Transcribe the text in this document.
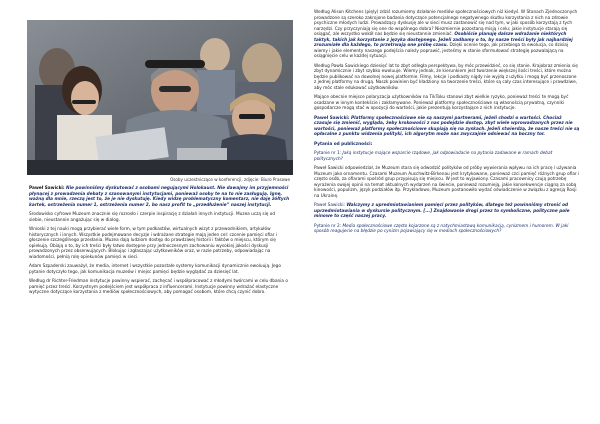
Osoby uczestniczące w konferencji, zdjęcie: Biuro Prasowe

Paweł Sawicki: Nie powinniśmy dyskutować z osobami negującymi Holokaust. Nie dawajmy im przyjemności płynącej z prowadzenia debaty z szanowanymi instytucjami, ponieważ osoby te na to nie zasługują. Ignę, ważną dla mnie, rzeczą jest to, że je nie dyskutuję. Kiedy widzę problematyczny komentarz, nie daję żółtych kartek, ostrzeżenia numer 1, ostrzeżenia numer 2, bo nasz profit to „przedłużenie” naszej instytucji.

Środowisko cyfrowe Muzeum znacznie się rozrosło i czerpie inspirację z działań innych instytucji. Muzea uczą się od siebie, nieustannie angażując się w dialog.

Wnioski z tej nauki mogą przybierać wiele form, w tym podkastów, wirtualnych wizyt z przewodnikiem, artykułów historycznych i innych. Wszystkie podejmowane decyzje i wdrażane strategie mają jeden cel: czcenie pamięci ofiar i głoszenie szczególnego przesłania. Muzea dają ludziom dostęp do prawdziwej historii i faktów o miejscu, którym się opiekują. Obiają o to, by ich treści były łatwo dostępne przy jednoczesnym zachowaniu wysokiej jakości dyskusji prowadzonych przez obserwujących. Blokując i zgłaszając użytkowników oraz, w razie potrzeby, odpowiadając na wiadomości, pełnią rolę opiekunów pamięci w sieci.

Adam Szpaderski zauważył, że media, internet i wszystkie pozostałe systemy komunikacji dynamicznie ewoluują. Jego pytanie dotyczyło tego, jak komunikacja muzeów i miejsc pamięci będzie wyglądać za dziesięć lat.

Według dr Richter-Friedman instytucje powinny wspierać, zachęcać i współpracować z młodymi twórcami w celu dbania o pamięć przez treści. Korzystnym podejściem jest współpraca z influencerami. Instytucje powinny wdrażać elastyczne wytyczne dotyczące korzystania z mediów społecznościowych, aby pomagać osobom, które chcą czynić dobro.

Według Alison Kitchens (pięly) zdziś rozumiemy działanie mediów społecznościowych niż kiedyś. W Stanach Zjednoczonych prowadzone są szeroko zakrojone badania dotyczące potencjalnego negatywnego skutku korzystania z nich na zdrowie psychiczne młodych ludzi. Prowadzący dyskusję ale w sieci musz zastanowić się nad tym, w jaki sposób korzystają z tych narzędzi. Czy przyczyniają się one do wspólnego dobra? Niezmiernie pozostaną misją i celu; jakie instytucje starają się osiągać, ale wszystko wokół nas będzie się nieustannie zmieniać. Osobiście planuję dalsze wdrażanie niektórych taktyk, takich jak korzystanie z języka dostępnego. Jeżeli zadbamy o to, by nasze treści były jak najbardziej zrozumiałe dla każdego, to przetrwają one próbę czasu. Dzięki ocenie tego, jak przebiega ta ewolucja, co dzisiaj wiemy i jakie elementy naszego podejścia należy poprawić, jesteśmy w stanie sformułować strategię pozwalającą na osiągnięcie celu w każdej sytuacji.

Według Pawła Sawickiego dziesięć lat to zbyt odległa perspektywa, by móc przewidzieć, co się stanie. Krajobraz zmienia się zbyt dynamicznie i zbyt szybko ewoluuje. Wiemy jednak, że kierunkiem jest tworzenie większej ilości treści, które można będzie publikować na dowolnej nowej platformie. Filmy, lekcje i podkasty nigdy nie wyjdą z użytku i mogą być przenoszone z jednej platformy na drugą. Naszk powinien być kładziony na tworzenie treści, które są cały czas interesujące i prawdziwe, aby móc stale edukować użytkowników.

Mające obecnie miejsce polaryzacja użytkowników na TikToku stanowi zbyt wielkie ryzyko, ponieważ treści te mogą być osadzane w innym kontekście i zakłamywane. Ponieważ platformy społecznościowe są własnością prywatną, czynniki gospodarcze mogą stać w opozycji do wartości, jakie prezentują korzystające z nich instytucje.

Paweł Sawicki: Platformy społecznościowe nie są naszymi partnerami, jeżeli chodzi o wartości. Chociaż czasuje się zmienić, wygląda, żeby krokowości z nas podejdzie dostęp, zbyt wiele wprowadzanych przez nie wartości, ponieważ platformy społecznościowe skupiają się na zyskach. Jeżeli stwierdzą, że nasze treści nie są opłacalne z punktu widzenia polityki, ich algorytm może nas zwyczajnie odsiewać na boczny tor.

Pytania od publiczności:

Pytanie nr 1: Jaką instytucje mające wsparcie rządowe, jak odpowiadacie na pytania zadawane w ramach debat politycznych?

Paweł Sawicki odpowiedział, że Muzeum stara się odwodzić polityków od próby wywierania wpływu na ich pracę i używania Muzeum jako ornamentu. Czasami Muzeum Auschwitz-Birkenau jest krytykowane, ponieważ czci pamięć różnych grup ofiar i często osób, za ofiarami spośród grup przypisują się miejscu. W jest to wyjawiony. Czasami pracownicy czują potrzebę wyrażenia swojej opinii na temat aktualnych wydarzeń na świecie, ponieważ rozumieją, jakie konsekwencje ciągną za sobą kinowości, populizm, język podziałów itp. Przykładowo, Muzeum postanowiło wydać oświadczenie w związku z agresją Rosji na Ukrainę.

Paweł Sawicki: Walczymy z upredmiotawianiem pamięci przez polityków, dlatego też powinniśmy stronić od uprzedmiotawiania w dyskursie politycznym. [...] Znajdowanie drogi przez to symboliczne, polityczne pole minowe to część naszej pracy.

Pytanie nr 2: Media społecznościowe często kojarzone są z natychmiastową komunikacją, cynizmem i humorem. W jaki sposób reagujecie na błędzie po cynizm pojawiający się w mediach społecznościowych?
